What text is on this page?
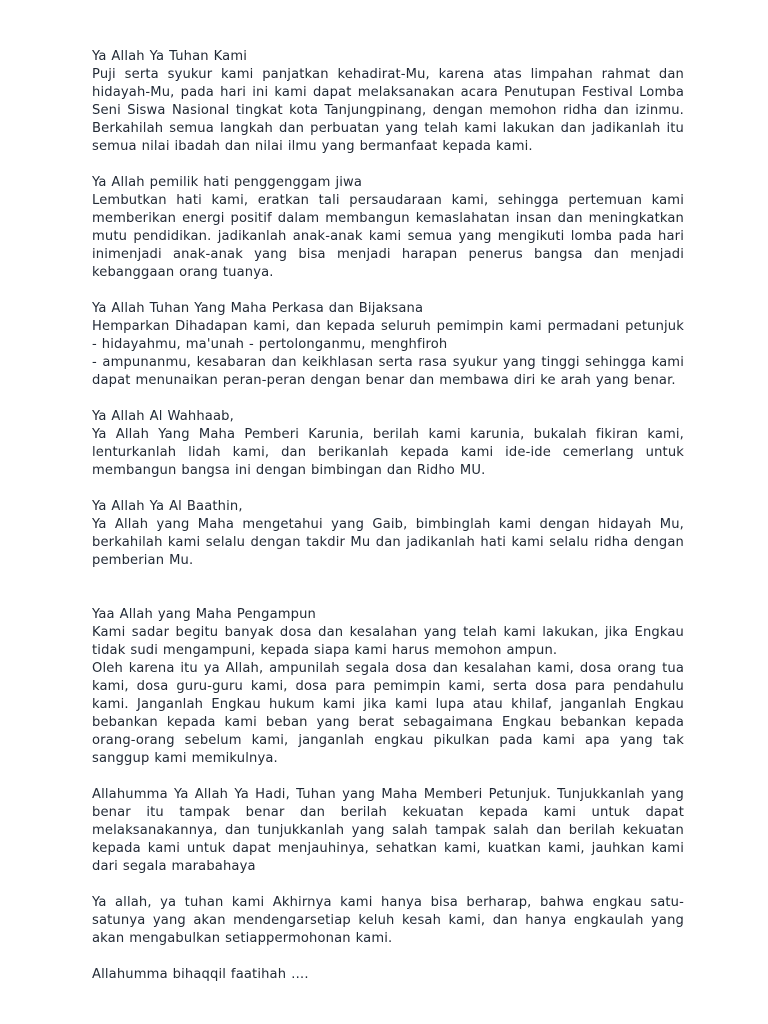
Ya Allah Ya Tuhan Kami
Puji serta syukur kami panjatkan kehadirat-Mu, karena atas limpahan rahmat dan hidayah-Mu, pada hari ini kami dapat melaksanakan acara Penutupan Festival Lomba Seni Siswa Nasional tingkat kota Tanjungpinang, dengan memohon ridha dan izinmu. Berkahilah semua langkah dan perbuatan yang telah kami lakukan dan jadikanlah itu semua nilai ibadah dan nilai ilmu yang bermanfaat kepada kami.
Ya Allah pemilik hati penggenggam jiwa
Lembutkan hati kami, eratkan tali persaudaraan kami, sehingga pertemuan kami memberikan energi positif dalam membangun kemaslahatan insan dan meningkatkan mutu pendidikan. jadikanlah anak-anak kami semua yang mengikuti lomba pada hari inimenjadi anak-anak yang bisa menjadi harapan penerus bangsa dan menjadi kebanggaan orang tuanya.
Ya Allah Tuhan Yang Maha Perkasa dan Bijaksana
Hemparkan Dihadapan kami, dan kepada seluruh pemimpin kami permadani petunjuk - hidayahmu, ma'unah - pertolonganmu, menghfiroh
- ampunanmu, kesabaran dan keikhlasan serta rasa syukur yang tinggi sehingga kami dapat menunaikan peran-peran dengan benar dan membawa diri ke arah yang benar.
Ya Allah Al Wahhaab,
Ya Allah Yang Maha Pemberi Karunia, berilah kami karunia, bukalah fikiran kami, lenturkanlah lidah kami, dan berikanlah kepada kami ide-ide cemerlang untuk membangun bangsa ini dengan bimbingan dan Ridho MU.
Ya Allah Ya Al Baathin,
Ya Allah yang Maha mengetahui yang Gaib, bimbinglah kami dengan hidayah Mu, berkahilah kami selalu dengan takdir Mu dan jadikanlah hati kami selalu ridha dengan pemberian Mu.
Yaa Allah yang Maha Pengampun
Kami sadar begitu banyak dosa dan kesalahan yang telah kami lakukan, jika Engkau tidak sudi mengampuni, kepada siapa kami harus memohon ampun.
Oleh karena itu ya Allah, ampunilah segala dosa dan kesalahan kami, dosa orang tua kami, dosa guru-guru kami, dosa para pemimpin kami, serta dosa para pendahulu kami. Janganlah Engkau hukum kami jika kami lupa atau khilaf, janganlah Engkau bebankan kepada kami beban yang berat sebagaimana Engkau bebankan kepada orang-orang sebelum kami, janganlah engkau pikulkan pada kami apa yang tak sanggup kami memikulnya.
Allahumma Ya Allah Ya Hadi, Tuhan yang Maha Memberi Petunjuk. Tunjukkanlah yang benar itu tampak benar dan berilah kekuatan kepada kami untuk dapat melaksanakannya, dan tunjukkanlah yang salah tampak salah dan berilah kekuatan kepada kami untuk dapat menjauhinya, sehatkan kami, kuatkan kami, jauhkan kami dari segala marabahaya
Ya allah, ya tuhan kami Akhirnya kami hanya bisa berharap, bahwa engkau satu-satunya yang akan mendengarsetiap keluh kesah kami, dan hanya engkaulah yang akan mengabulkan setiappermohonan kami.
Allahumma bihaqqil faatihah ….
